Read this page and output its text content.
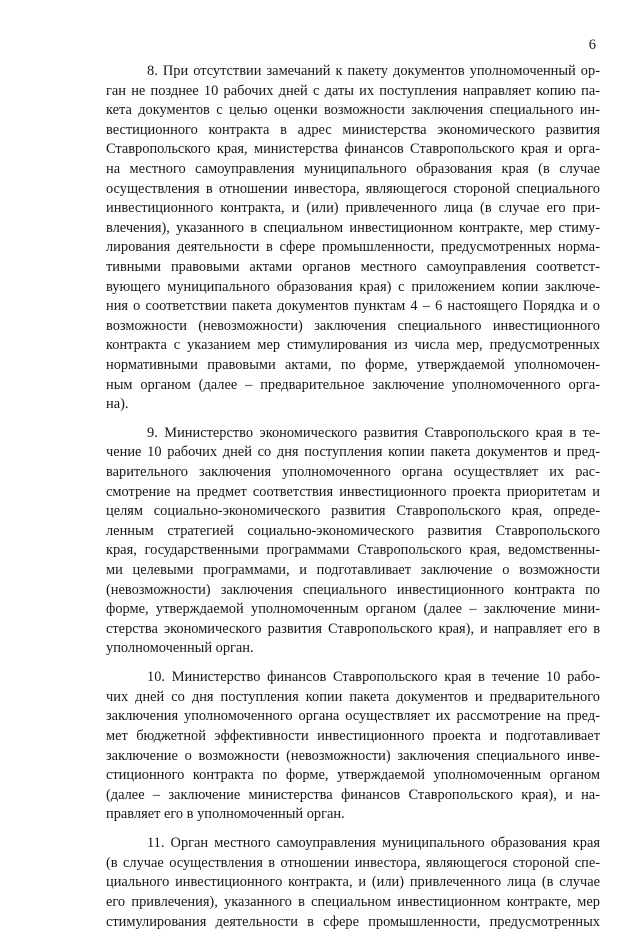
6
8. При отсутствии замечаний к пакету документов уполномоченный ор-
ган не позднее 10 рабочих дней с даты их поступления направляет копию па-
кета документов с целью оценки возможности заключения специального ин-
вестиционного контракта в адрес министерства экономического развития
Ставропольского края, министерства финансов Ставропольского края и орга-
на местного самоуправления муниципального образования края (в случае
осуществления в отношении инвестора, являющегося стороной специального
инвестиционного контракта, и (или) привлеченного лица (в случае его при-
влечения), указанного в специальном инвестиционном контракте, мер стиму-
лирования деятельности в сфере промышленности, предусмотренных норма-
тивными правовыми актами органов местного самоуправления соответст-
вующего муниципального образования края) с приложением копии заключе-
ния о соответствии пакета документов пунктам 4 – 6 настоящего Порядка и о
возможности (невозможности) заключения специального инвестиционного
контракта с указанием мер стимулирования из числа мер, предусмотренных
нормативными правовыми актами, по форме, утверждаемой уполномочен-
ным органом (далее – предварительное заключение уполномоченного орга-
на).
9. Министерство экономического развития Ставропольского края в те-
чение 10 рабочих дней со дня поступления копии пакета документов и пред-
варительного заключения уполномоченного органа осуществляет их рас-
смотрение на предмет соответствия инвестиционного проекта приоритетам и
целям социально-экономического развития Ставропольского края, опреде-
ленным стратегией социально-экономического развития Ставропольского
края, государственными программами Ставропольского края, ведомственны-
ми целевыми программами, и подготавливает заключение о возможности
(невозможности) заключения специального инвестиционного контракта по
форме, утверждаемой уполномоченным органом (далее – заключение мини-
стерства экономического развития Ставропольского края), и направляет его в
уполномоченный орган.
10. Министерство финансов Ставропольского края в течение 10 рабо-
чих дней со дня поступления копии пакета документов и предварительного
заключения уполномоченного органа осуществляет их рассмотрение на пред-
мет бюджетной эффективности инвестиционного проекта и подготавливает
заключение о возможности (невозможности) заключения специального инве-
стиционного контракта по форме, утверждаемой уполномоченным органом
(далее – заключение министерства финансов Ставропольского края), и на-
правляет его в уполномоченный орган.
11. Орган местного самоуправления муниципального образования края
(в случае осуществления в отношении инвестора, являющегося стороной спе-
циального инвестиционного контракта, и (или) привлеченного лица (в случае
его привлечения), указанного в специальном инвестиционном контракте, мер
стимулирования деятельности в сфере промышленности, предусмотренных
